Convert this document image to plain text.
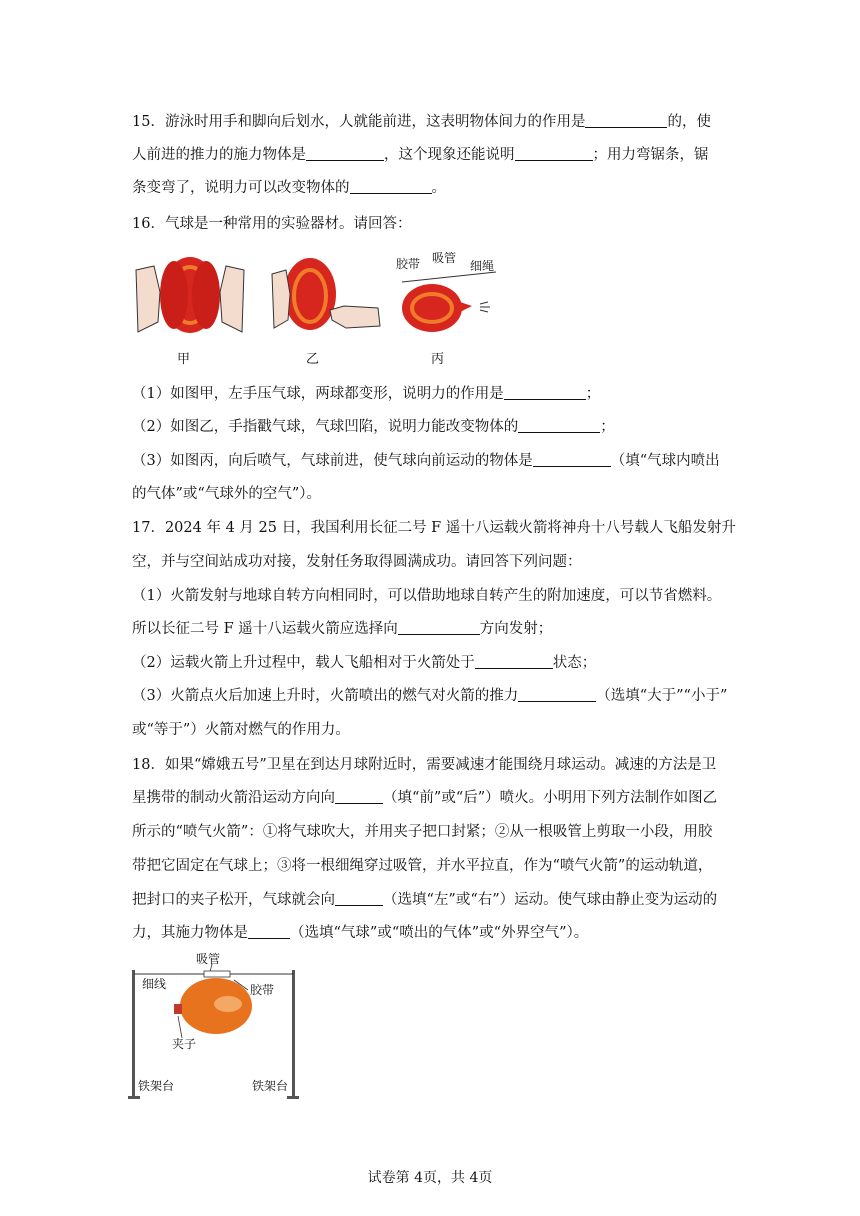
15．游泳时用手和脚向后划水，人就能前进，这表明物体间力的作用是	的，使
人前进的推力的施力物体是	，这个现象还能说明	；用力弯锯条，锯
条变弯了，说明力可以改变物体的	。
16．气球是一种常用的实验器材。请回答：
甲	乙
胶带 吸管
细绳
丙
（1）如图甲，左手压气球，两球都变形，说明力的作用是	；
（2）如图乙，手指戳气球，气球凹陷，说明力能改变物体的	；
（3）如图丙，向后喷气，气球前进，使气球向前运动的物体是	（填“气球内喷出
的气体”或“气球外的空气”）。
17．2024 年 4 月 25 日，我国利用长征二号 F 遥十八运载火箭将神舟十八号载人飞船发射升
空，并与空间站成功对接，发射任务取得圆满成功。请回答下列问题：
（1）火箭发射与地球自转方向相同时，可以借助地球自转产生的附加速度，可以节省燃料。
所以长征二号 F 遥十八运载火箭应选择向	方向发射；
（2）运载火箭上升过程中，载人飞船相对于火箭处于	状态；
（3）火箭点火后加速上升时，火箭喷出的燃气对火箭的推力	（选填“大于”“小于”
或“等于”）火箭对燃气的作用力。
18．如果“嫦娥五号”卫星在到达月球附近时，需要减速才能围绕月球运动。减速的方法是卫
星携带的制动火箭沿运动方向向	（填“前”或“后”）喷火。小明用下列方法制作如图乙
所示的“喷气火箭”：①将气球吹大，并用夹子把口封紧；②从一根吸管上剪取一小段，用胶
带把它固定在气球上；③将一根细绳穿过吸管，并水平拉直，作为“喷气火箭”的运动轨道，
把封口的夹子松开，气球就会向	（选填“左”或“右”）运动。使气球由静止变为运动的
力，其施力物体是	（选填“气球”或“喷出的气体”或“外界空气”）。
吸管
细线	胶带
夹子
铁架台	铁架台
试卷第 4页，共 4页
